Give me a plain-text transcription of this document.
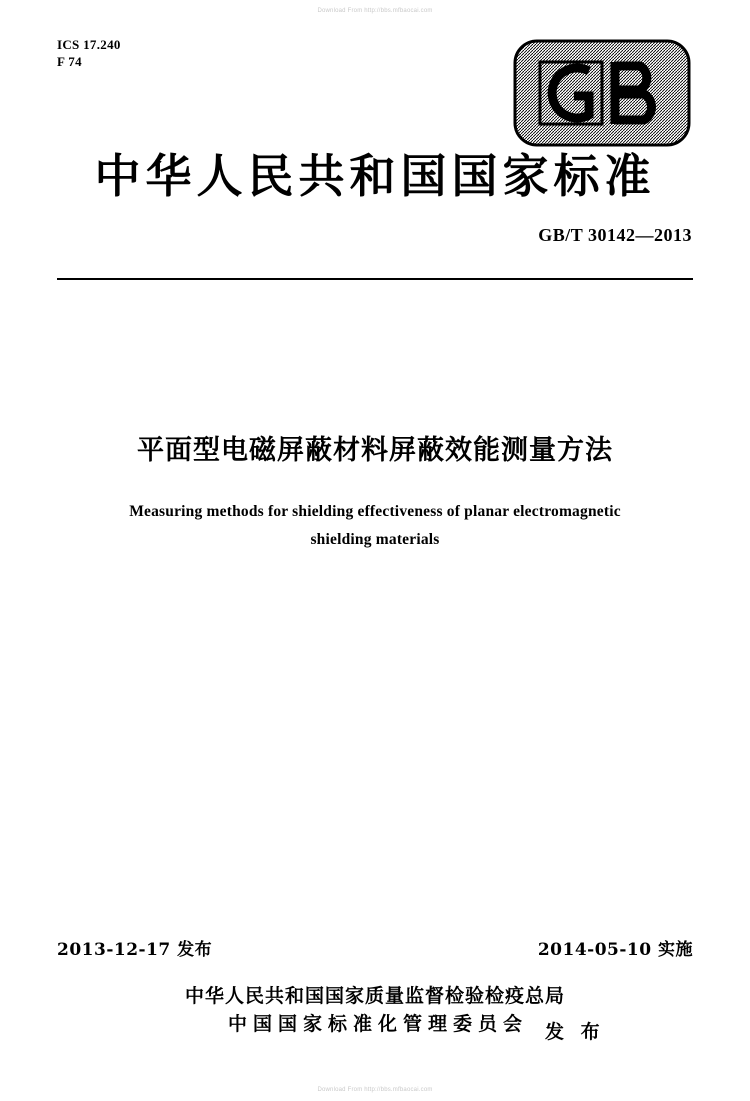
Download From http://bbs.mfbaocai.com
ICS 17.240
F 74
中华人民共和国国家标准
GB/T 30142—2013
平面型电磁屏蔽材料屏蔽效能测量方法
Measuring methods for shielding effectiveness of planar electromagnetic
shielding materials
2013-12-17 发布	2014-05-10 实施
中华人民共和国国家质量监督检验检疫总局
中国国家标准化管理委员会 发 布
Download From http://bbs.mfbaocai.com
